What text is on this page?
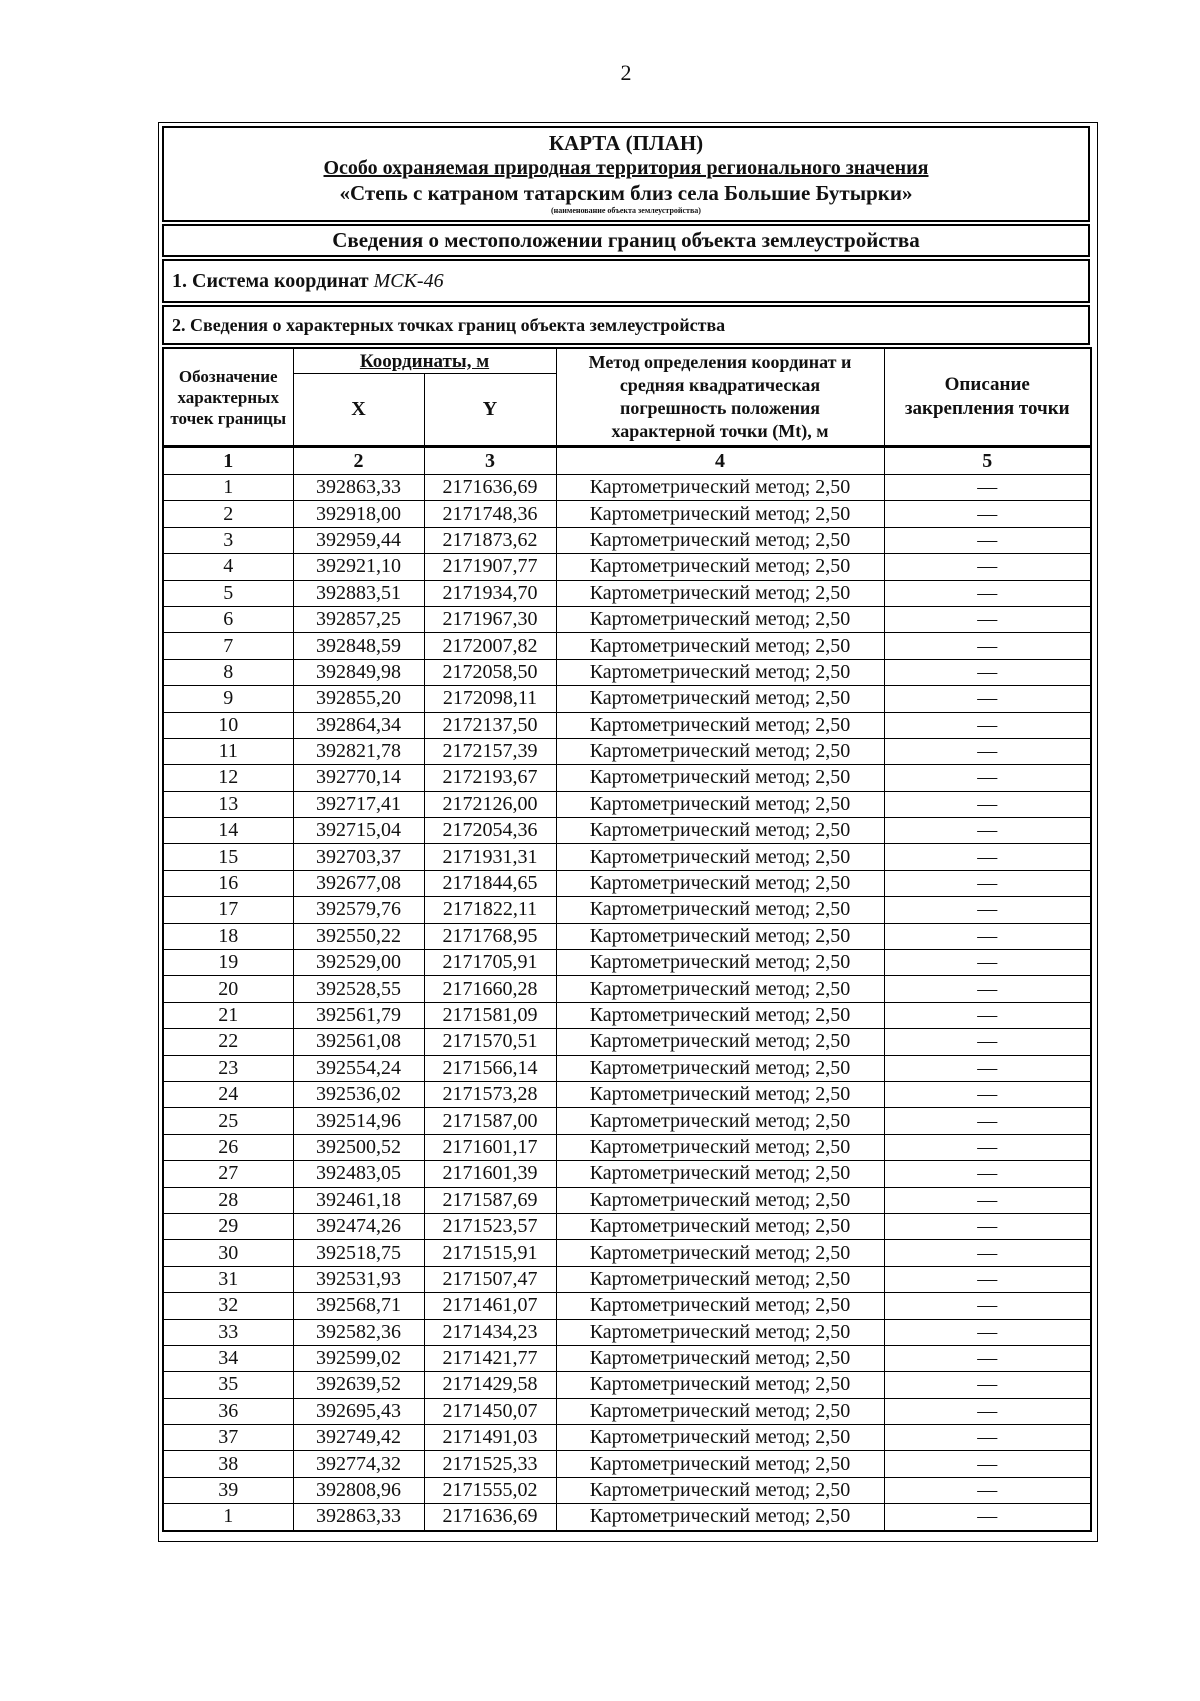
2
КАРТА (ПЛАН)
Особо охраняемая природная территория регионального значения
«Степь с катраном татарским близ села Большие Бутырки»
(наименование объекта землеустройства)
Сведения о местоположении границ объекта землеустройства
1. Система координат МСК-46
2. Сведения о характерных точках границ объекта землеустройства
Обозначение характерных точек границы	Координаты, м		Метод определения координат и средняя квадратическая погрешность положения характерной точки (Mt), м	Описание закрепления точки
	X	Y		
1	2	3	4	5
1	392863,33	2171636,69	Картометрический метод; 2,50	—
2	392918,00	2171748,36	Картометрический метод; 2,50	—
3	392959,44	2171873,62	Картометрический метод; 2,50	—
4	392921,10	2171907,77	Картометрический метод; 2,50	—
5	392883,51	2171934,70	Картометрический метод; 2,50	—
6	392857,25	2171967,30	Картометрический метод; 2,50	—
7	392848,59	2172007,82	Картометрический метод; 2,50	—
8	392849,98	2172058,50	Картометрический метод; 2,50	—
9	392855,20	2172098,11	Картометрический метод; 2,50	—
10	392864,34	2172137,50	Картометрический метод; 2,50	—
11	392821,78	2172157,39	Картометрический метод; 2,50	—
12	392770,14	2172193,67	Картометрический метод; 2,50	—
13	392717,41	2172126,00	Картометрический метод; 2,50	—
14	392715,04	2172054,36	Картометрический метод; 2,50	—
15	392703,37	2171931,31	Картометрический метод; 2,50	—
16	392677,08	2171844,65	Картометрический метод; 2,50	—
17	392579,76	2171822,11	Картометрический метод; 2,50	—
18	392550,22	2171768,95	Картометрический метод; 2,50	—
19	392529,00	2171705,91	Картометрический метод; 2,50	—
20	392528,55	2171660,28	Картометрический метод; 2,50	—
21	392561,79	2171581,09	Картометрический метод; 2,50	—
22	392561,08	2171570,51	Картометрический метод; 2,50	—
23	392554,24	2171566,14	Картометрический метод; 2,50	—
24	392536,02	2171573,28	Картометрический метод; 2,50	—
25	392514,96	2171587,00	Картометрический метод; 2,50	—
26	392500,52	2171601,17	Картометрический метод; 2,50	—
27	392483,05	2171601,39	Картометрический метод; 2,50	—
28	392461,18	2171587,69	Картометрический метод; 2,50	—
29	392474,26	2171523,57	Картометрический метод; 2,50	—
30	392518,75	2171515,91	Картометрический метод; 2,50	—
31	392531,93	2171507,47	Картометрический метод; 2,50	—
32	392568,71	2171461,07	Картометрический метод; 2,50	—
33	392582,36	2171434,23	Картометрический метод; 2,50	—
34	392599,02	2171421,77	Картометрический метод; 2,50	—
35	392639,52	2171429,58	Картометрический метод; 2,50	—
36	392695,43	2171450,07	Картометрический метод; 2,50	—
37	392749,42	2171491,03	Картометрический метод; 2,50	—
38	392774,32	2171525,33	Картометрический метод; 2,50	—
39	392808,96	2171555,02	Картометрический метод; 2,50	—
1	392863,33	2171636,69	Картометрический метод; 2,50	—
